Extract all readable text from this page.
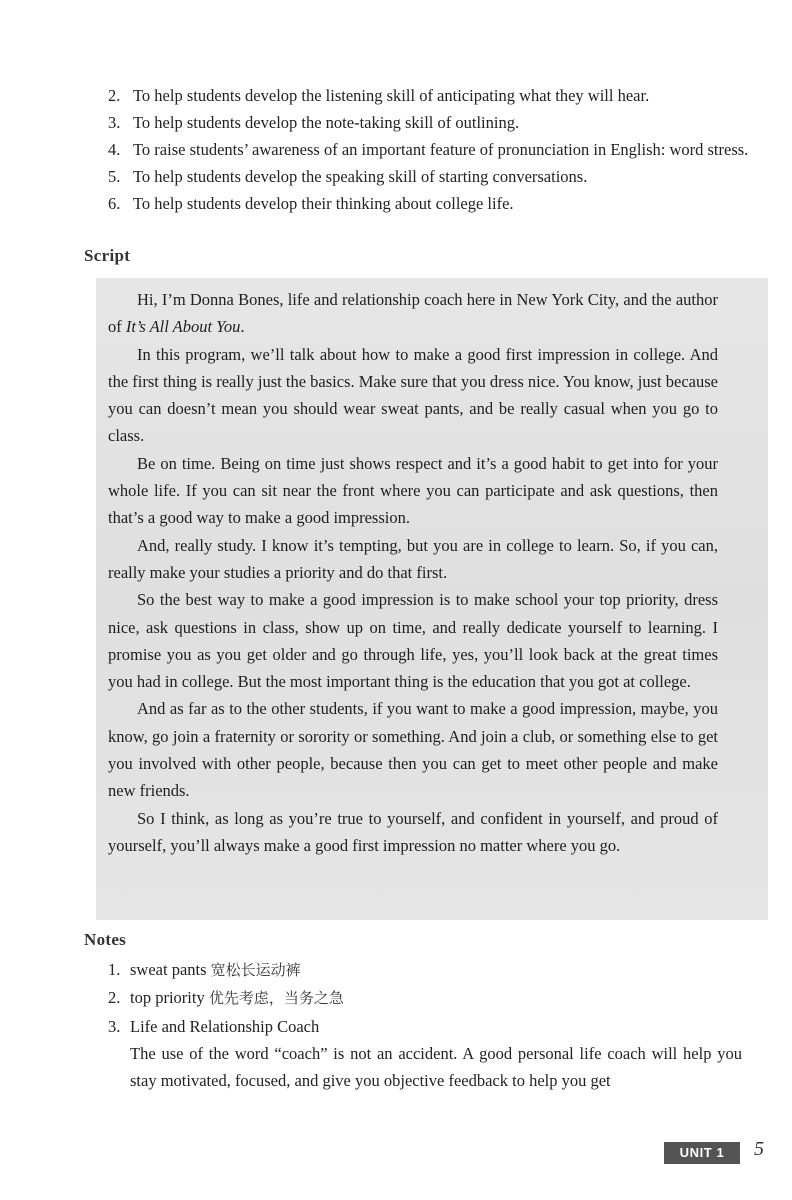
2. To help students develop the listening skill of anticipating what they will hear.
3. To help students develop the note-taking skill of outlining.
4. To raise students’ awareness of an important feature of pronunciation in English: word stress.
5. To help students develop the speaking skill of starting conversations.
6. To help students develop their thinking about college life.
Script

Hi, I’m Donna Bones, life and relationship coach here in New York City, and the author of It’s All About You.

In this program, we’ll talk about how to make a good first impression in college. And the first thing is really just the basics. Make sure that you dress nice. You know, just because you can doesn’t mean you should wear sweat pants, and be really casual when you go to class.

Be on time. Being on time just shows respect and it’s a good habit to get into for your whole life. If you can sit near the front where you can participate and ask questions, then that’s a good way to make a good impression.

And, really study. I know it’s tempting, but you are in college to learn. So, if you can, really make your studies a priority and do that first.

So the best way to make a good impression is to make school your top priority, dress nice, ask questions in class, show up on time, and really dedicate yourself to learning. I promise you as you get older and go through life, yes, you’ll look back at the great times you had in college. But the most important thing is the education that you got at college.

And as far as to the other students, if you want to make a good impression, maybe, you know, go join a fraternity or sorority or something. And join a club, or something else to get you involved with other people, because then you can get to meet other people and make new friends.

So I think, as long as you’re true to yourself, and confident in yourself, and proud of yourself, you’ll always make a good first impression no matter where you go.

Notes
1. sweat pants 宽松长运动裤
2. top priority 优先考虑，当务之急
3. Life and Relationship Coach
The use of the word “coach” is not an accident. A good personal life coach will help you stay motivated, focused, and give you objective feedback to help you get
UNIT 1	5
